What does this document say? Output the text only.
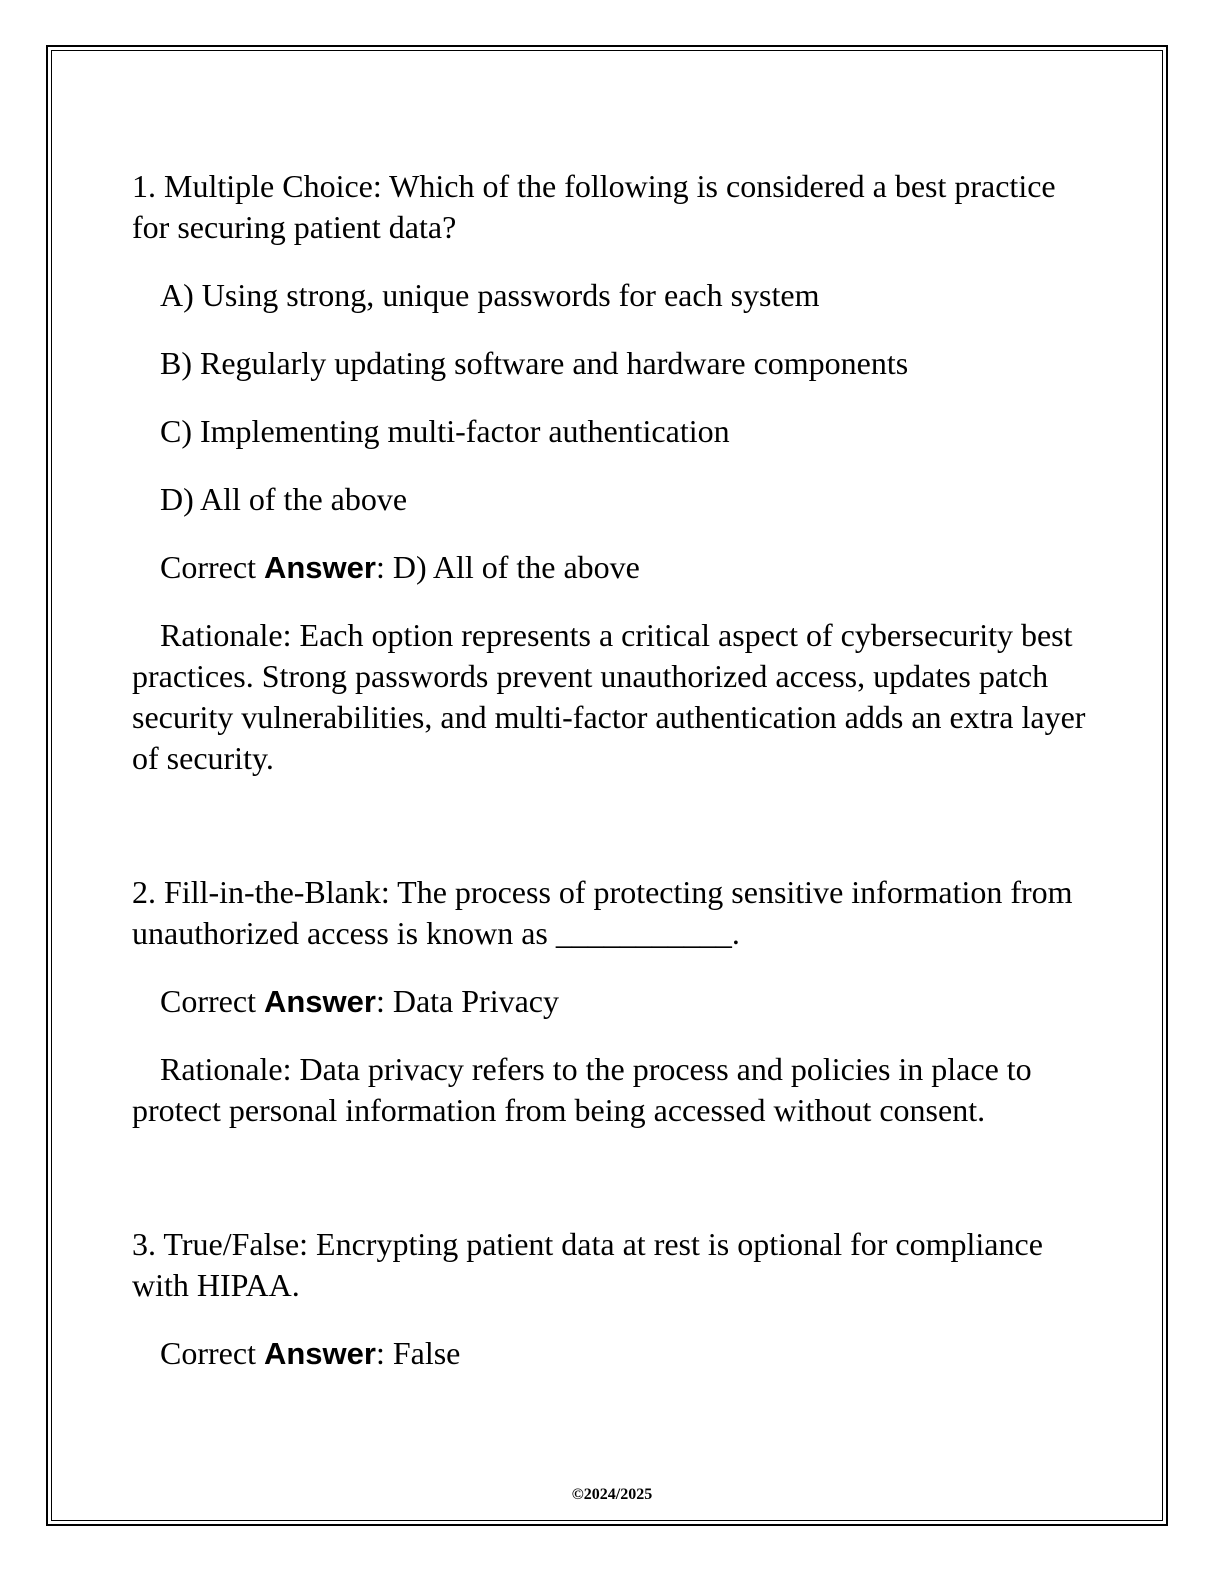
1. Multiple Choice: Which of the following is considered a best practice for securing patient data?

A) Using strong, unique passwords for each system

B) Regularly updating software and hardware components

C) Implementing multi-factor authentication

D) All of the above

Correct Answer: D) All of the above

Rationale: Each option represents a critical aspect of cybersecurity best practices. Strong passwords prevent unauthorized access, updates patch security vulnerabilities, and multi-factor authentication adds an extra layer of security.

2. Fill-in-the-Blank: The process of protecting sensitive information from unauthorized access is known as ___________.

Correct Answer: Data Privacy

Rationale: Data privacy refers to the process and policies in place to protect personal information from being accessed without consent.

3. True/False: Encrypting patient data at rest is optional for compliance with HIPAA.

Correct Answer: False

©2024/2025
